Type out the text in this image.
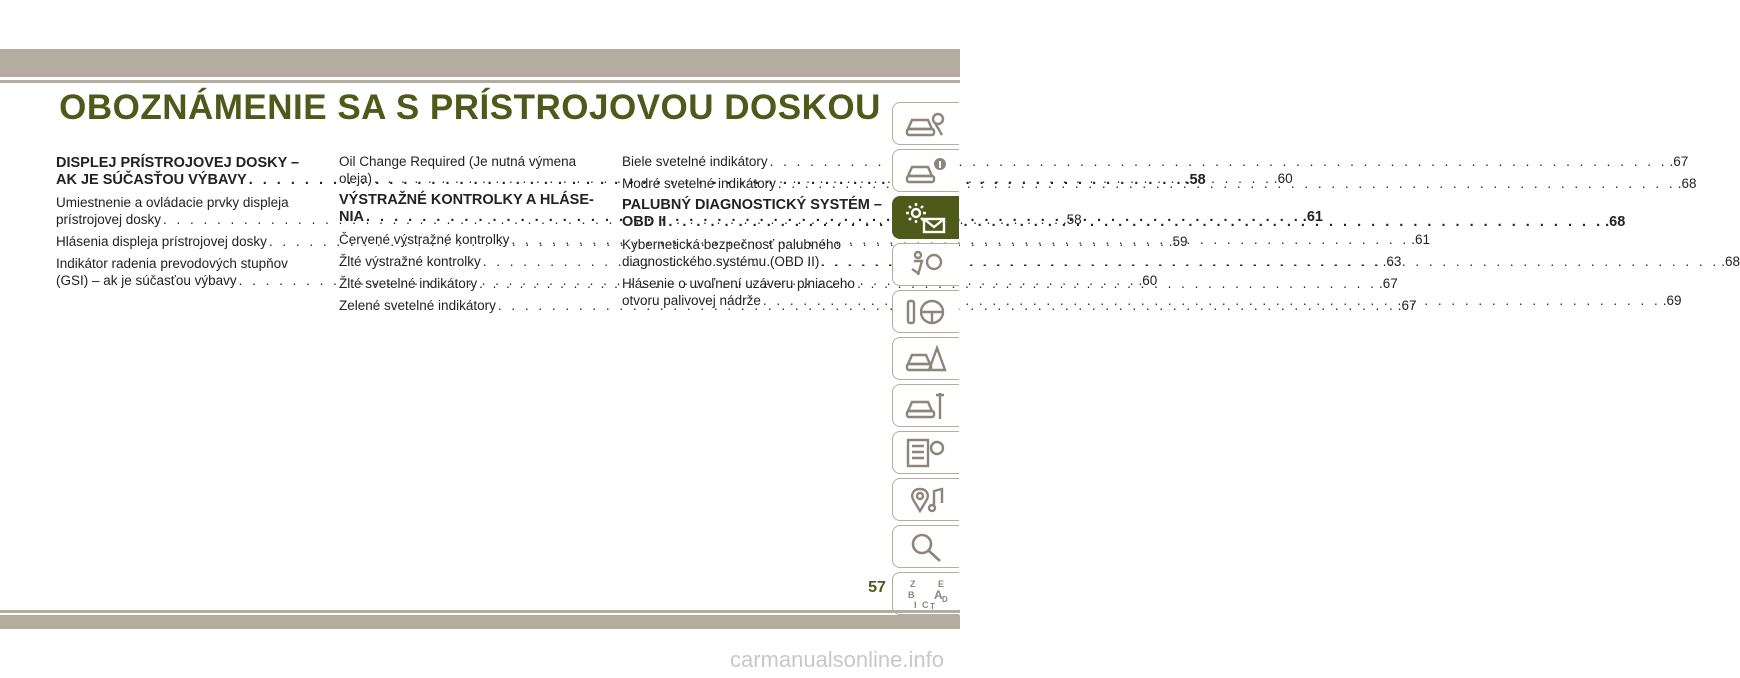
OBOZNÁMENIE SA S PRÍSTROJOVOU DOSKOU
DISPLEJ PRÍSTROJOVEJ DOSKY –
AK JE SÚČASŤOU VÝBAVY . . .	.58
Umiestnenie a ovládacie prvky displeja
prístrojovej dosky . . .	.58
Hlásenia displeja prístrojovej dosky . . .	.59
Indikátor radenia prevodových stupňov
(GSI) – ak je súčasťou výbavy . . .	.60
Oil Change Required (Je nutná výmena
oleja) . . .	.60
VÝSTRAŽNÉ KONTROLKY A HLÁSE-
NIA . . .	.61
Červené výstražné kontrolky . . .	.61
Žlté výstražné kontrolky . . .	.63
Žlté svetelné indikátory . . .	.67
Zelené svetelné indikátory . . .	.67
Biele svetelné indikátory . . .	.67
Modré svetelné indikátory . . .	.68
PALUBNÝ DIAGNOSTICKÝ SYSTÉM –
OBD II . . .	.68
Kybernetická bezpečnosť palubného
diagnostického systému (OBD II) . . .	.68
Hlásenie o uvoľnení uzáveru plniaceho
otvoru palivovej nádrže . . .	.69
Z	E
B A D
I C T
57
carmanualsonline.info
